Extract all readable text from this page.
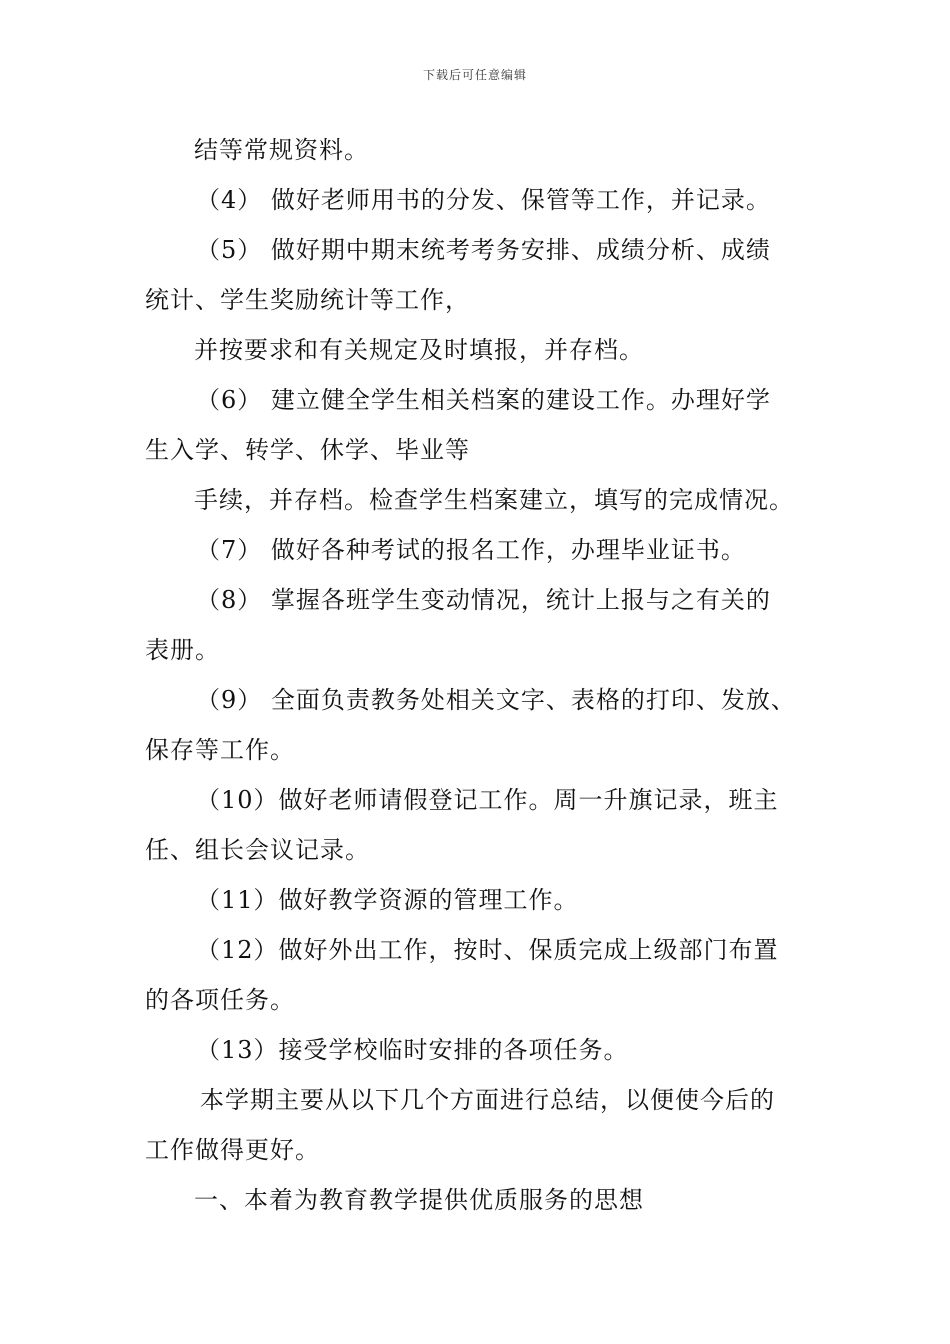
下载后可任意编辑
结等常规资料。
（4） 做好老师用书的分发、保管等工作，并记录。
（5） 做好期中期末统考考务安排、成绩分析、成绩
统计、学生奖励统计等工作，
并按要求和有关规定及时填报，并存档。
（6） 建立健全学生相关档案的建设工作。办理好学
生入学、转学、休学、毕业等
手续，并存档。检查学生档案建立，填写的完成情况。
（7） 做好各种考试的报名工作，办理毕业证书。
（8） 掌握各班学生变动情况，统计上报与之有关的
表册。
（9） 全面负责教务处相关文字、表格的打印、发放、
保存等工作。
（10）做好老师请假登记工作。周一升旗记录，班主
任、组长会议记录。
（11）做好教学资源的管理工作。
（12）做好外出工作，按时、保质完成上级部门布置
的各项任务。
（13）接受学校临时安排的各项任务。
本学期主要从以下几个方面进行总结，以便使今后的
工作做得更好。
一、本着为教育教学提供优质服务的思想
